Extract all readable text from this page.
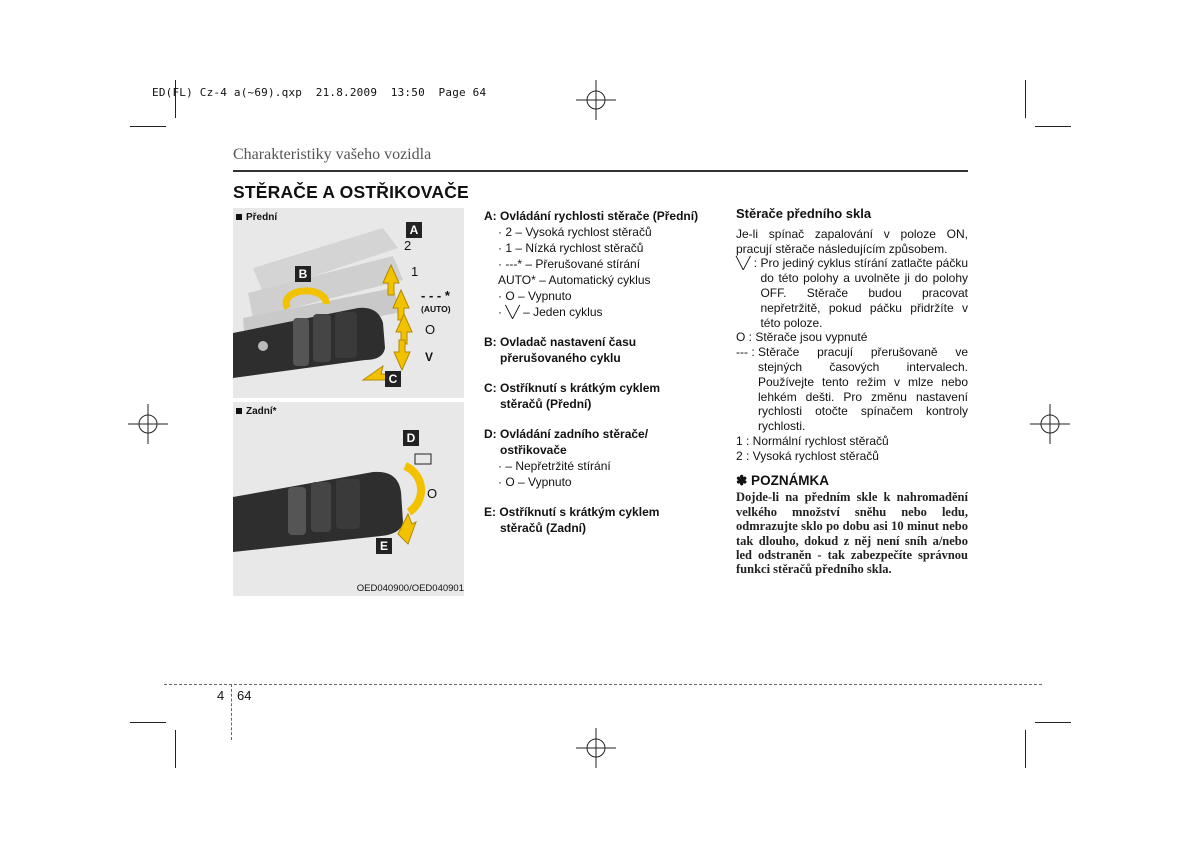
ED(FL) Cz-4 a(~69).qxp  21.8.2009  13:50  Page 64
Charakteristiky vašeho vozidla
STĚRAČE A OSTŘIKOVAČE
Přední
A
B
C
2
1
- - - *
(AUTO)
O
V
Zadní*
D
E
O
OED040900/OED040901
A: Ovládání rychlosti stěrače (Přední)
· 2 – Vysoká rychlost stěračů
· 1 – Nízká rychlost stěračů
· ---* – Přerušované stírání
AUTO* – Automatický cyklus
· O – Vypnuto
· ╲╱ – Jeden cyklus
B: Ovladač nastavení času
přerušovaného cyklu
C: Ostříknutí s krátkým cyklem
stěračů (Přední)
D: Ovládání zadního stěrače/
ostřikovače
· – Nepřetržité stírání
· O – Vypnuto
E: Ostříknutí s krátkým cyklem
stěračů (Zadní)
Stěrače předního skla
Je-li spínač zapalování v poloze ON, pracují stěrače následujícím způsobem.
╲╱ : Pro jediný cyklus stírání zatlačte páčku do této polohy a uvolněte ji do polohy OFF. Stěrače budou pracovat nepřetržitě, pokud páčku přidržíte v této poloze.
O : Stěrače jsou vypnuté
--- : Stěrače pracují přerušovaně ve stejných časových intervalech. Používejte tento režim v mlze nebo lehkém dešti. Pro změnu nastavení rychlosti otočte spínačem kontroly rychlosti.
1 : Normální rychlost stěračů
2 : Vysoká rychlost stěračů
✽ POZNÁMKA
Dojde-li na předním skle k nahromadění velkého množství sněhu nebo ledu, odmrazujte sklo po dobu asi 10 minut nebo tak dlouho, dokud z něj není sníh a/nebo led odstraněn - tak zabezpečíte správnou funkci stěračů předního skla.
4 64
